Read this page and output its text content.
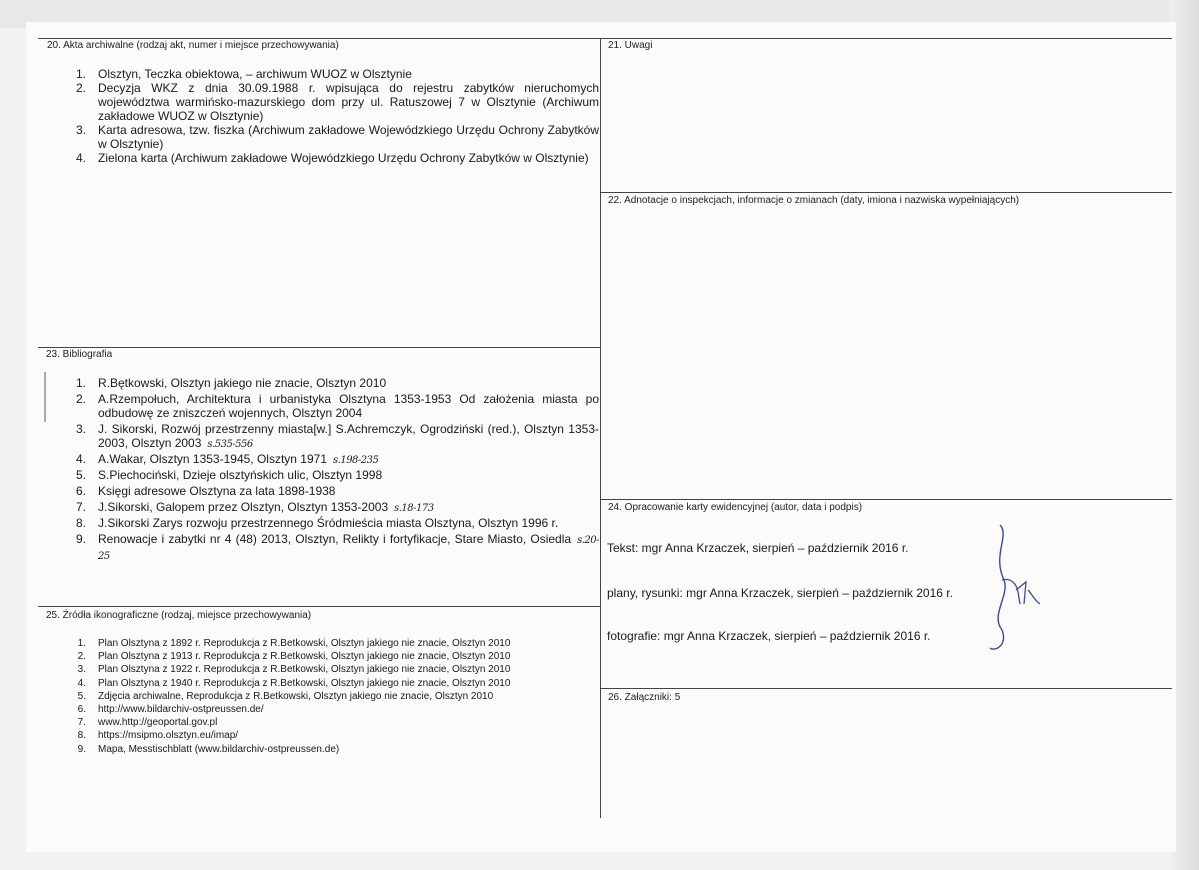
20. Akta archiwalne (rodzaj akt, numer i miejsce przechowywania)
1. Olsztyn, Teczka obiektowa, – archiwum WUOZ w Olsztynie
2. Decyzja WKZ z dnia 30.09.1988 r. wpisująca do rejestru zabytków nieruchomych województwa warmińsko-mazurskiego dom przy ul. Ratuszowej 7 w Olsztynie (Archiwum zakładowe WUOZ w Olsztynie)
3. Karta adresowa, tzw. fiszka (Archiwum zakładowe Wojewódzkiego Urzędu Ochrony Zabytków w Olsztynie)
4. Zielona karta (Archiwum zakładowe Wojewódzkiego Urzędu Ochrony Zabytków w Olsztynie)
21. Uwagi
22. Adnotacje o inspekcjach, informacje o zmianach (daty, imiona i nazwiska wypełniających)
23. Bibliografia
1. R.Bętkowski, Olsztyn jakiego nie znacie, Olsztyn 2010
2. A.Rzempołuch, Architektura i urbanistyka Olsztyna 1353-1953 Od założenia miasta po odbudowę ze zniszczeń wojennych, Olsztyn 2004
3. J. Sikorski, Rozwój przestrzenny miasta[w.] S.Achremczyk, Ogrodziński (red.), Olsztyn 1353-2003, Olsztyn 2003 s.535-556
4. A.Wakar, Olsztyn 1353-1945, Olsztyn 1971 s.198-235
5. S.Piechociński, Dzieje olsztyńskich ulic, Olsztyn 1998
6. Księgi adresowe Olsztyna za lata 1898-1938
7. J.Sikorski, Galopem przez Olsztyn, Olsztyn 1353-2003 s.18-173
8. J.Sikorski Zarys rozwoju przestrzennego Śródmieścia miasta Olsztyna, Olsztyn 1996 r.
9. Renowacje i zabytki nr 4 (48) 2013, Olsztyn, Relikty i fortyfikacje, Stare Miasto, Osiedla s.20-25
25. Źródła ikonograficzne (rodzaj, miejsce przechowywania)
1. Plan Olsztyna z 1892 r. Reprodukcja z R.Betkowski, Olsztyn jakiego nie znacie, Olsztyn 2010
2. Plan Olsztyna z 1913 r. Reprodukcja z R.Betkowski, Olsztyn jakiego nie znacie, Olsztyn 2010
3. Plan Olsztyna z 1922 r. Reprodukcja z R.Betkowski, Olsztyn jakiego nie znacie, Olsztyn 2010
4. Plan Olsztyna z 1940 r. Reprodukcja z R.Betkowski, Olsztyn jakiego nie znacie, Olsztyn 2010
5. Zdjęcia archiwalne, Reprodukcja z R.Betkowski, Olsztyn jakiego nie znacie, Olsztyn 2010
6. http://www.bildarchiv-ostpreussen.de/
7. www.http://geoportal.gov.pl
8. https://msipmo.olsztyn.eu/imap/
9. Mapa, Messtischblatt (www.bildarchiv-ostpreussen.de)
24. Opracowanie karty ewidencyjnej (autor, data i podpis)
Tekst: mgr Anna Krzaczek, sierpień – październik 2016 r.
plany, rysunki: mgr Anna Krzaczek, sierpień – październik 2016 r.
fotografie: mgr Anna Krzaczek, sierpień – październik 2016 r.
26. Załączniki: 5
